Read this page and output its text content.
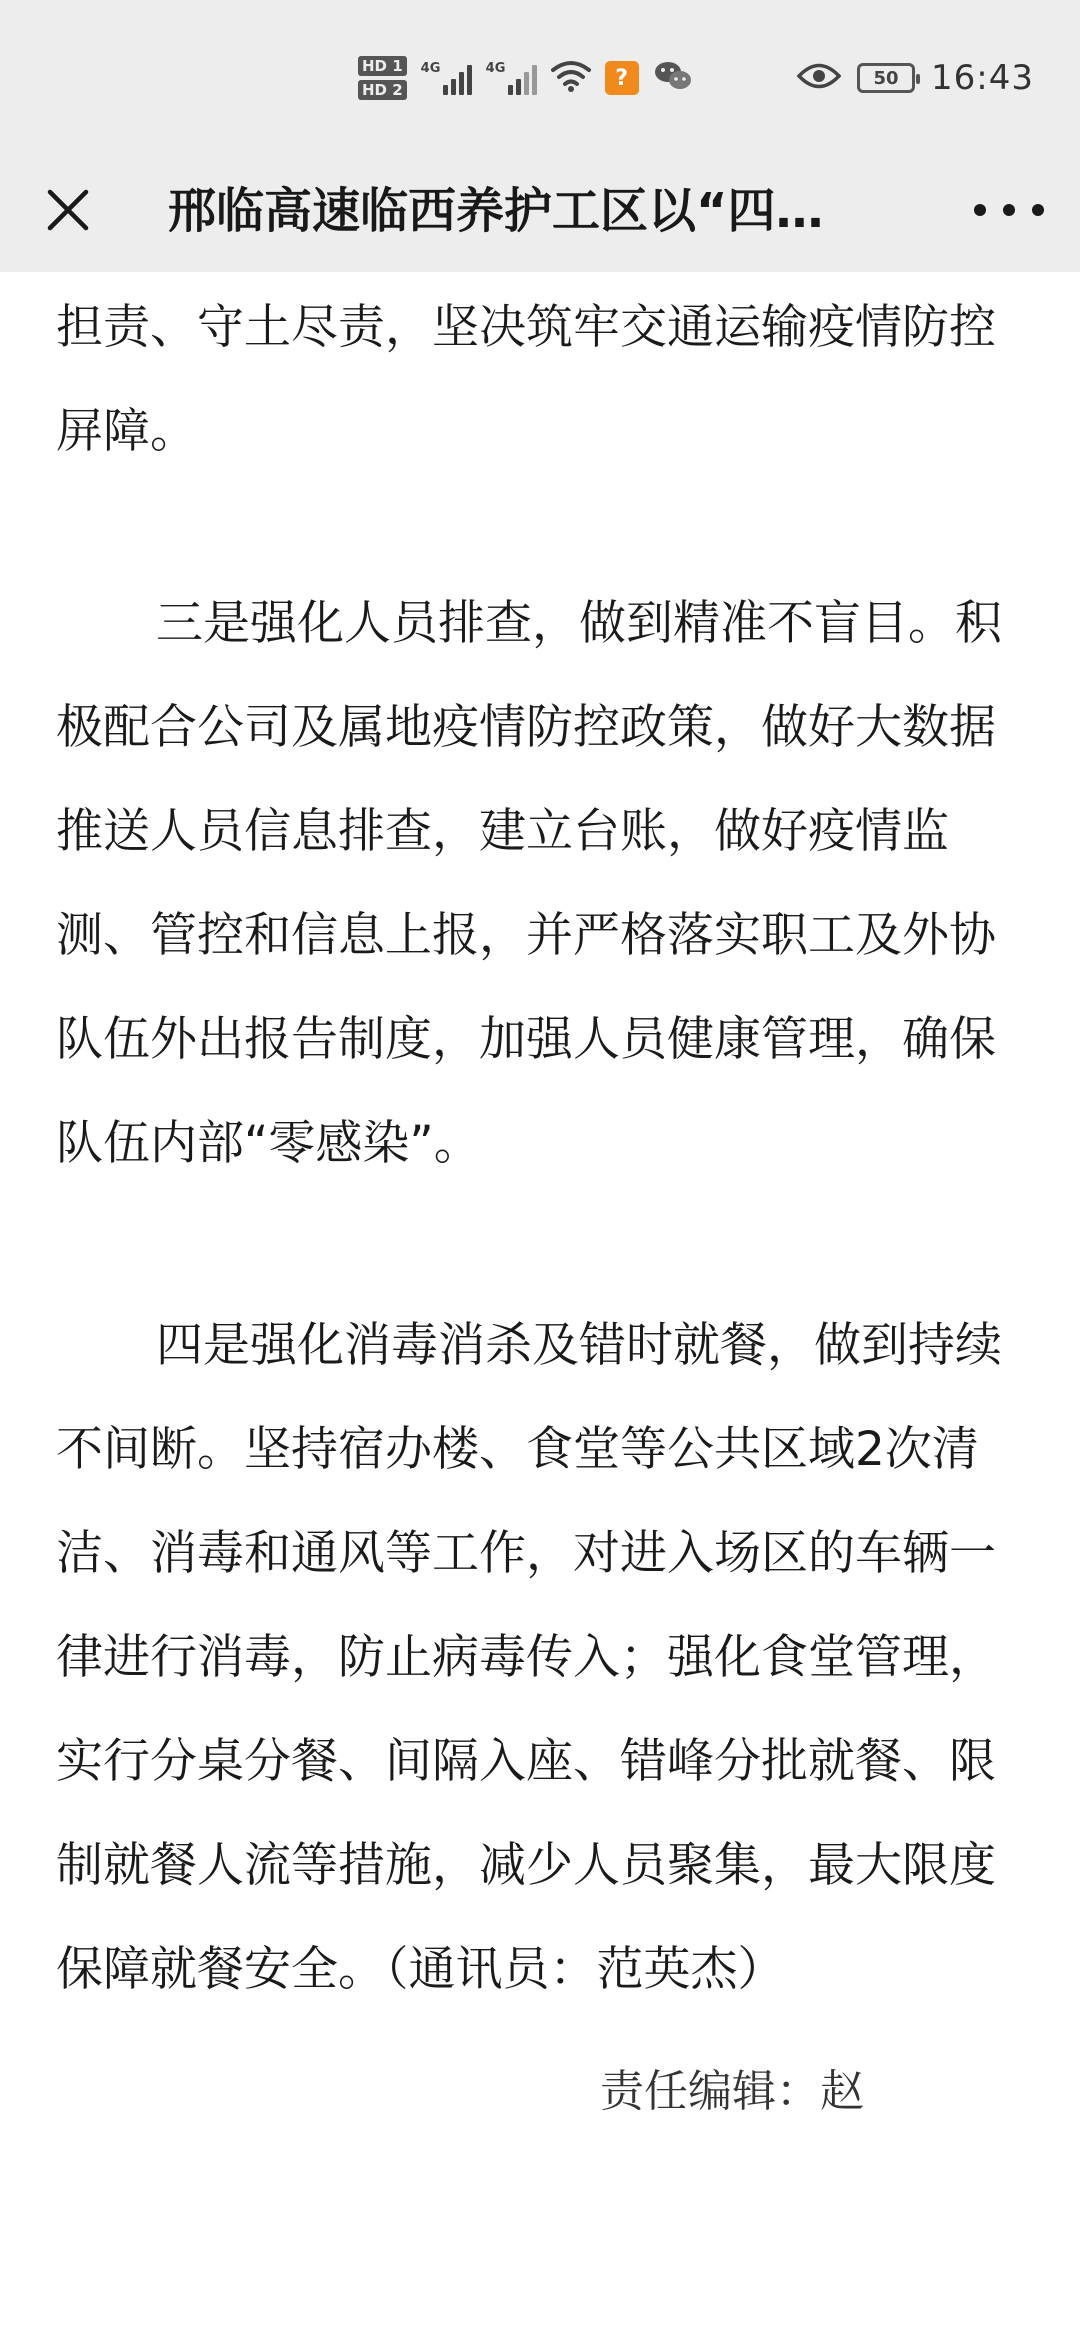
HD 1
HD 2
4G	4G	?	50 16:43
邢临高速临西养护工区以“四…

担责、守土尽责，坚决筑牢交通运输疫情防控屏障。

三是强化人员排查，做到精准不盲目。积极配合公司及属地疫情防控政策，做好大数据推送人员信息排查，建立台账，做好疫情监测、管控和信息上报，并严格落实职工及外协队伍外出报告制度，加强人员健康管理，确保队伍内部“零感染”。

四是强化消毒消杀及错时就餐，做到持续不间断。坚持宿办楼、食堂等公共区域2次清洁、消毒和通风等工作，对进入场区的车辆一律进行消毒，防止病毒传入；强化食堂管理，实行分桌分餐、间隔入座、错峰分批就餐、限制就餐人流等措施，减少人员聚集，最大限度保障就餐安全。（通讯员：范英杰）

责任编辑：赵
